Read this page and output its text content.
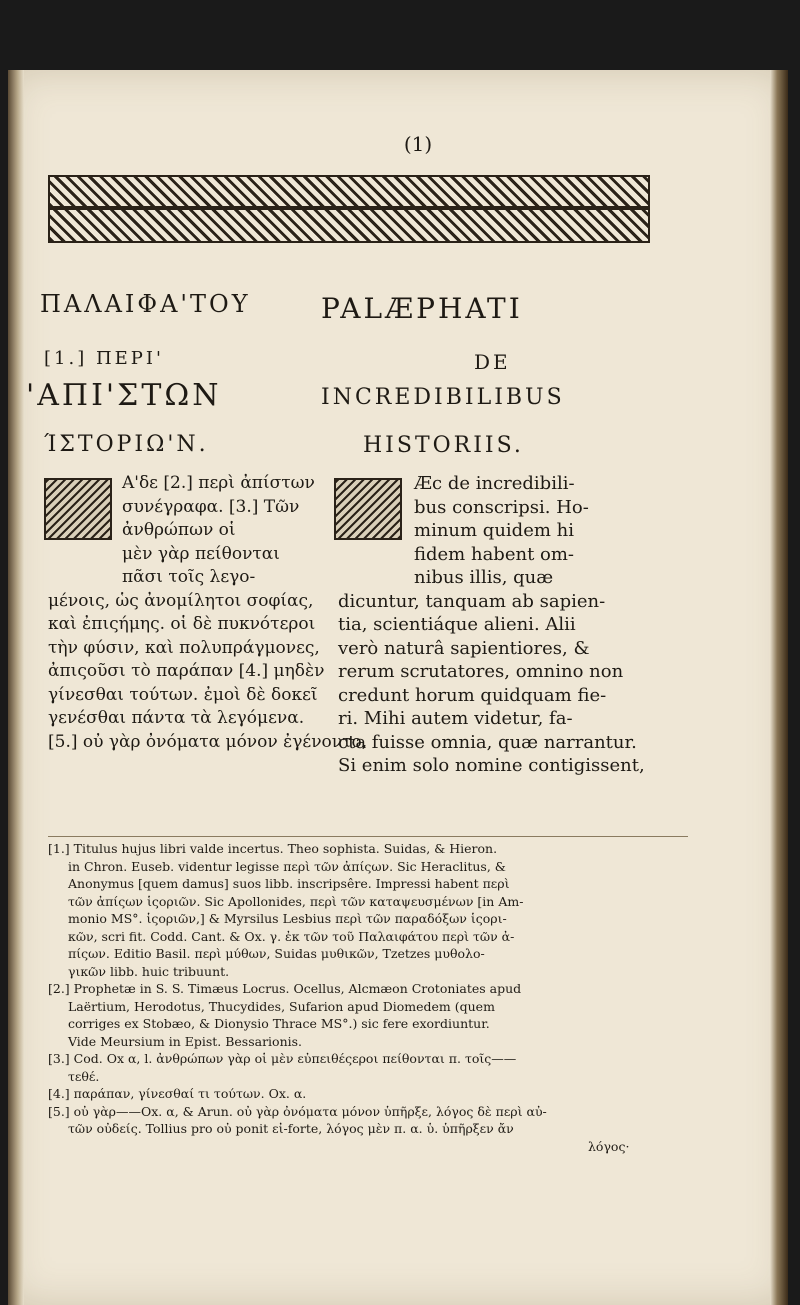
(1)
ΠΑΛΑΙΦΑ'ΤΟΥ
[1.] ΠΕΡΙ'
'ΑΠΙ'ΣΤΩΝ
ΊΣΤΟΡΙΩ'Ν.
PALÆPHATI
DE
INCREDIBILIBUS
HISTORIIS.
Α'δε [2.] περὶ ἀπίστων
συνέγραφα. [3.] Τῶν
ἀνθρώπων οἱ
μὲν γὰρ πείθονται
πᾶσι τοῖς λεγο-
μένοις, ὡς ἀνομίλητοι σοφίας,
καὶ ἐπιςήμης. οἱ δὲ πυκνότεροι
τὴν φύσιν, καὶ πολυπράγμονες,
ἀπιςοῦσι τὸ παράπαν [4.] μηδὲν
γίνεσθαι τούτων. ἐμοὶ δὲ δοκεῖ
γενέσθαι πάντα τὰ λεγόμενα.
[5.] οὐ γὰρ ὀνόματα μόνον ἐγένοντο,
Æc de incredibili-
bus conscripsi. Ho-
minum quidem hi
fidem habent om-
nibus illis, quæ
dicuntur, tanquam ab sapien-
tia, scientiáque alieni. Alii
verò naturâ sapientiores, &
rerum scrutatores, omnino non
credunt horum quidquam fie-
ri. Mihi autem videtur, fa-
cta fuisse omnia, quæ narrantur.
Si enim solo nomine contigissent,
[1.] Titulus hujus libri valde incertus. Theo sophista. Suidas, & Hieron.
in Chron. Euseb. videntur legisse περὶ τῶν ἀπίςων. Sic Heraclitus, &
Anonymus [quem damus] suos libb. inscripsêre. Impressi habent περὶ
τῶν ἀπίςων ἱςοριῶν. Sic Apollonides, περὶ τῶν καταψευσμένων [in Am-
monio MS°. ἱςοριῶν,] & Myrsilus Lesbius περὶ τῶν παραδόξων ἱςορι-
κῶν, scri fit. Codd. Cant. & Ox. γ. ἐκ τῶν τοῦ Παλαιφάτου περὶ τῶν ἀ-
πίςων. Editio Basil. περὶ μύθων, Suidas μυθικῶν, Tzetzes μυθολο-
γικῶν libb. huic tribuunt.
[2.] Prophetæ in S. S. Timæus Locrus. Ocellus, Alcmæon Crotoniates apud
Laërtium, Herodotus, Thucydides, Sufarion apud Diomedem (quem
corriges ex Stobæo, & Dionysio Thrace MS°.) sic fere exordiuntur.
Vide Meursium in Epist. Bessarionis.
[3.] Cod. Ox α, l. ἀνθρώπων γὰρ οἱ μὲν εὐπειθέςεροι πείθονται π. τοῖς——
τεθέ.
[4.] παράπαν, γίνεσθαί τι τούτων. Ox. α.
[5.] οὐ γὰρ——Ox. α, & Arun. οὐ γὰρ ὀνόματα μόνον ὑπῆρξε, λόγος δὲ περὶ αὐ-
τῶν οὐδείς. Tollius pro οὐ ponit εἰ-forte, λόγος μὲν π. α. ὑ. ὑπῆρξεν ἄν
λόγος·
